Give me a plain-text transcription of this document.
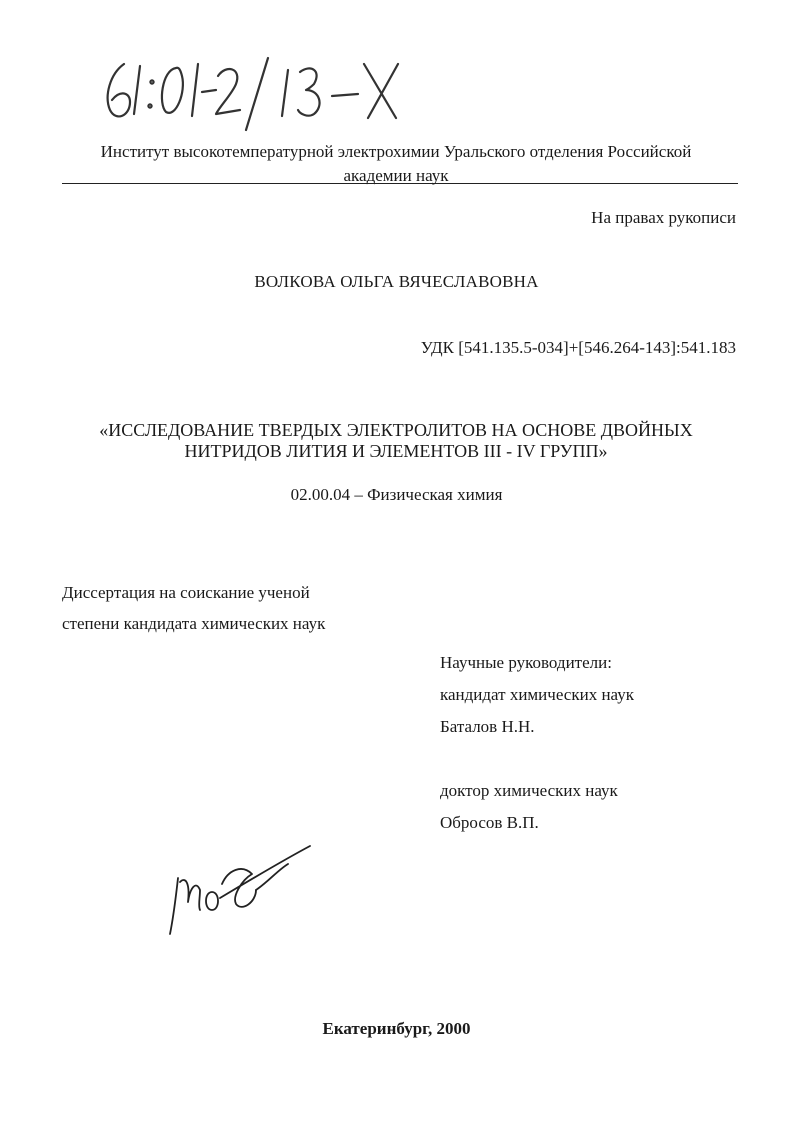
Институт высокотемпературной электрохимии Уральского отделения Российской
академии наук
На правах рукописи
ВОЛКОВА ОЛЬГА ВЯЧЕСЛАВОВНА
УДК [541.135.5-034]+[546.264-143]:541.183
«ИССЛЕДОВАНИЕ ТВЕРДЫХ ЭЛЕКТРОЛИТОВ НА ОСНОВЕ ДВОЙНЫХ
НИТРИДОВ ЛИТИЯ И ЭЛЕМЕНТОВ III - IV ГРУПП»
02.00.04 – Физическая химия
Диссертация на соискание ученой
степени кандидата химических наук
Научные руководители:
кандидат химических наук
Баталов Н.Н.
доктор химических наук
Обросов В.П.
Екатеринбург, 2000
